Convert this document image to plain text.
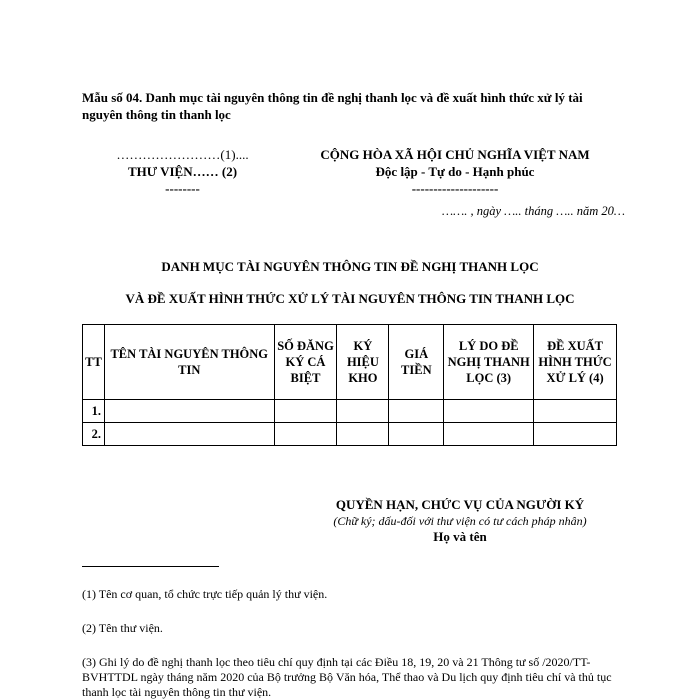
Mẫu số 04. Danh mục tài nguyên thông tin đề nghị thanh lọc và đề xuất hình thức xử lý tài nguyên thông tin thanh lọc
……………………(1)....
THƯ VIỆN…… (2)
--------
CỘNG HÒA XÃ HỘI CHỦ NGHĨA VIỆT NAM
Độc lập - Tự do - Hạnh phúc
--------------------
……. , ngày ….. tháng ….. năm 20…
DANH MỤC TÀI NGUYÊN THÔNG TIN ĐỀ NGHỊ THANH LỌC
VÀ ĐỀ XUẤT HÌNH THỨC XỬ LÝ TÀI NGUYÊN THÔNG TIN THANH LỌC
TT	TÊN TÀI NGUYÊN THÔNG TIN	SỐ ĐĂNG KÝ CÁ BIỆT	KÝ HIỆU KHO	GIÁ TIỀN	LÝ DO ĐỀ NGHỊ THANH LỌC (3)	ĐỀ XUẤT HÌNH THỨC XỬ LÝ (4)
1.						
2.						
QUYỀN HẠN, CHỨC VỤ CỦA NGƯỜI KÝ
(Chữ ký; dấu-đối với thư viện có tư cách pháp nhân)
Họ và tên
(1) Tên cơ quan, tổ chức trực tiếp quản lý thư viện.
(2) Tên thư viện.
(3) Ghi lý do đề nghị thanh lọc theo tiêu chí quy định tại các Điều 18, 19, 20 và 21 Thông tư số /2020/TT-BVHTTDL ngày tháng năm 2020 của Bộ trưởng Bộ Văn hóa, Thể thao và Du lịch quy định tiêu chí và thủ tục thanh lọc tài nguyên thông tin thư viện.
